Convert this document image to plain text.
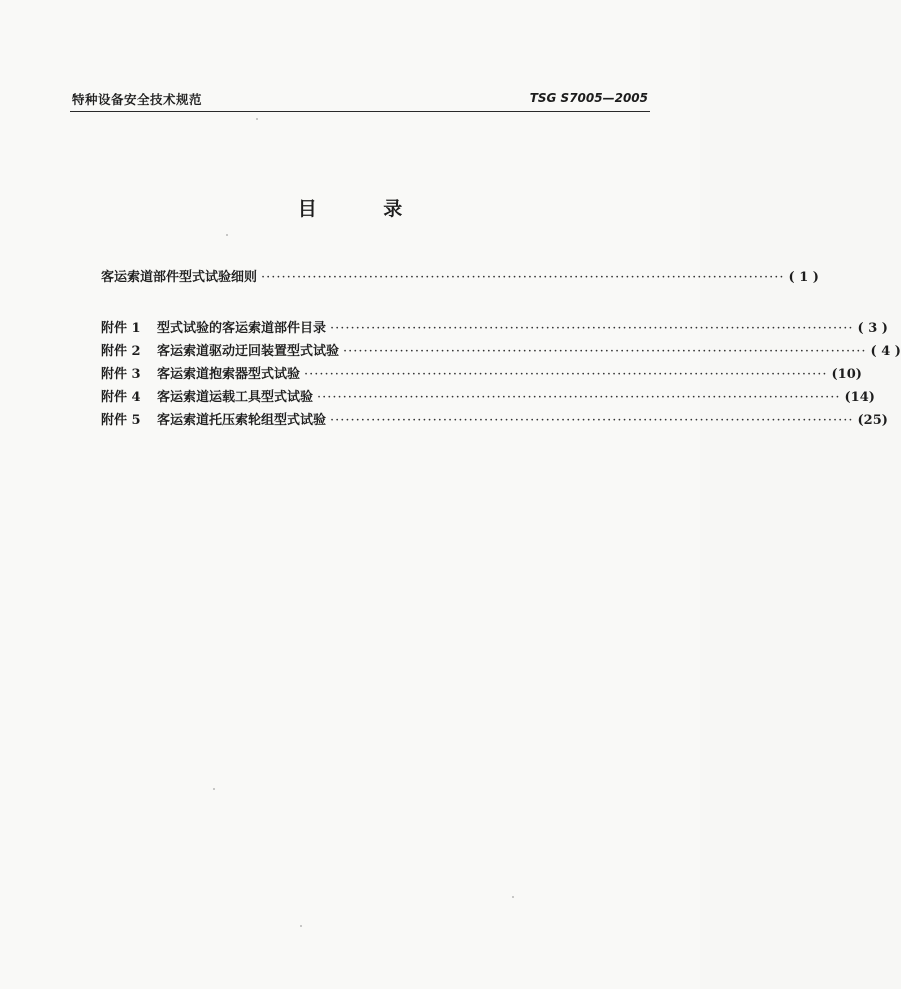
特种设备安全技术规范	TSG S7005—2005
目 录
客运索道部件型式试验细则 ······································································································ ( 1 )
附件 1	型式试验的客运索道部件目录 ······································································································ ( 3 )
附件 2	客运索道驱动迂回装置型式试验 ······································································································ ( 4 )
附件 3	客运索道抱索器型式试验 ······································································································ (10)
附件 4	客运索道运载工具型式试验 ······································································································ (14)
附件 5	客运索道托压索轮组型式试验 ······································································································ (25)
